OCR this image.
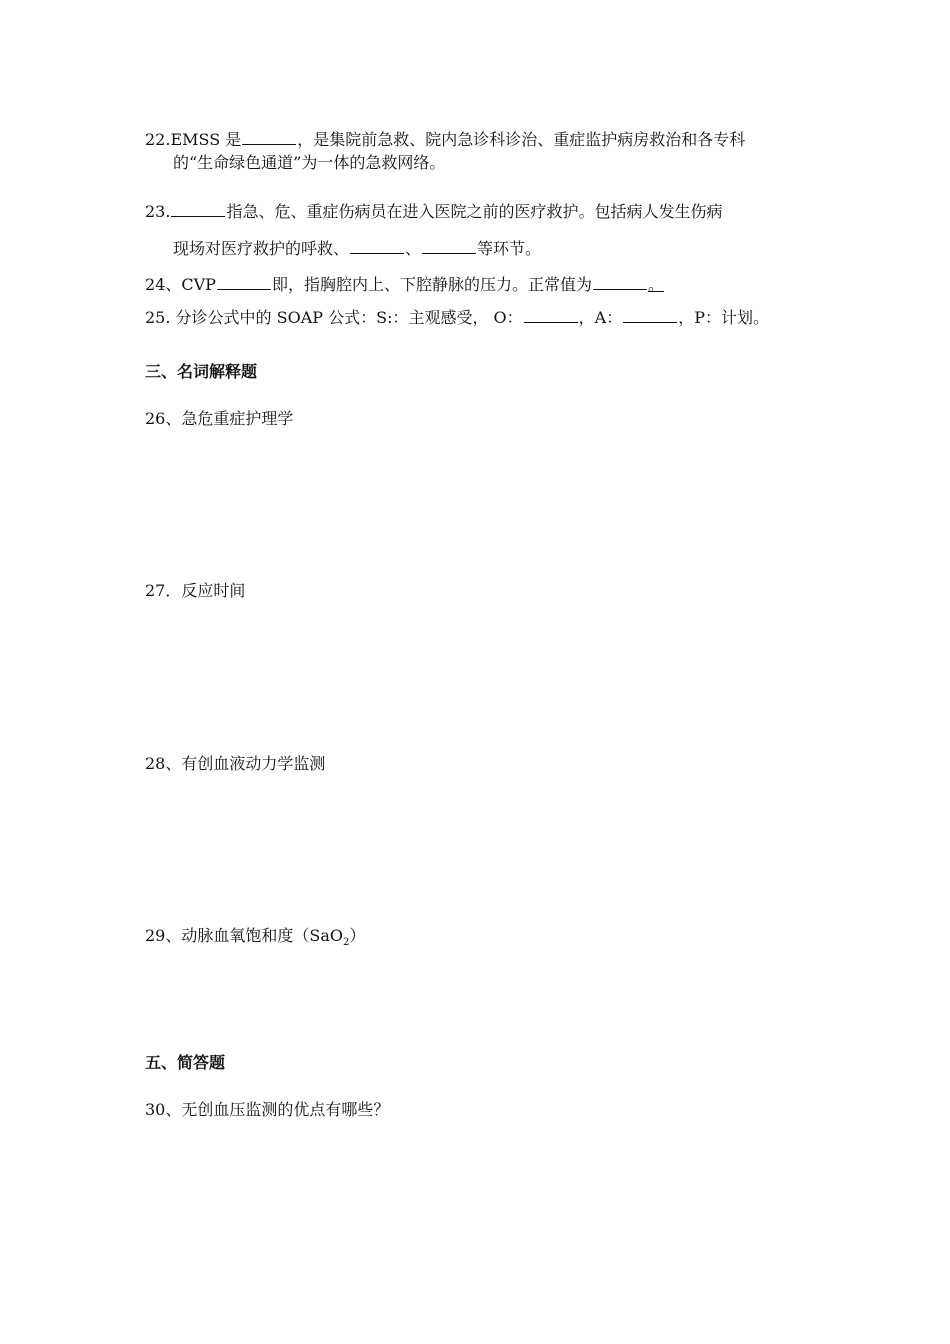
22.EMSS 是	，是集院前急救、院内急诊科诊治、重症监护病房救治和各专科
的“生命绿色通道”为一体的急救网络。
23.	指急、危、重症伤病员在进入医院之前的医疗救护。包括病人发生伤病
现场对医疗救护的呼救、	、	等环节。
24、CVP	即，指胸腔内上、下腔静脉的压力。正常值为	。
25. 分诊公式中的 SOAP 公式：S:：主观感受， O：	，A：	，P：计划。
三、名词解释题
26、急危重症护理学
27．反应时间
28、有创血液动力学监测
29、动脉血氧饱和度（SaO$_2$）
五、简答题
30、无创血压监测的优点有哪些？
